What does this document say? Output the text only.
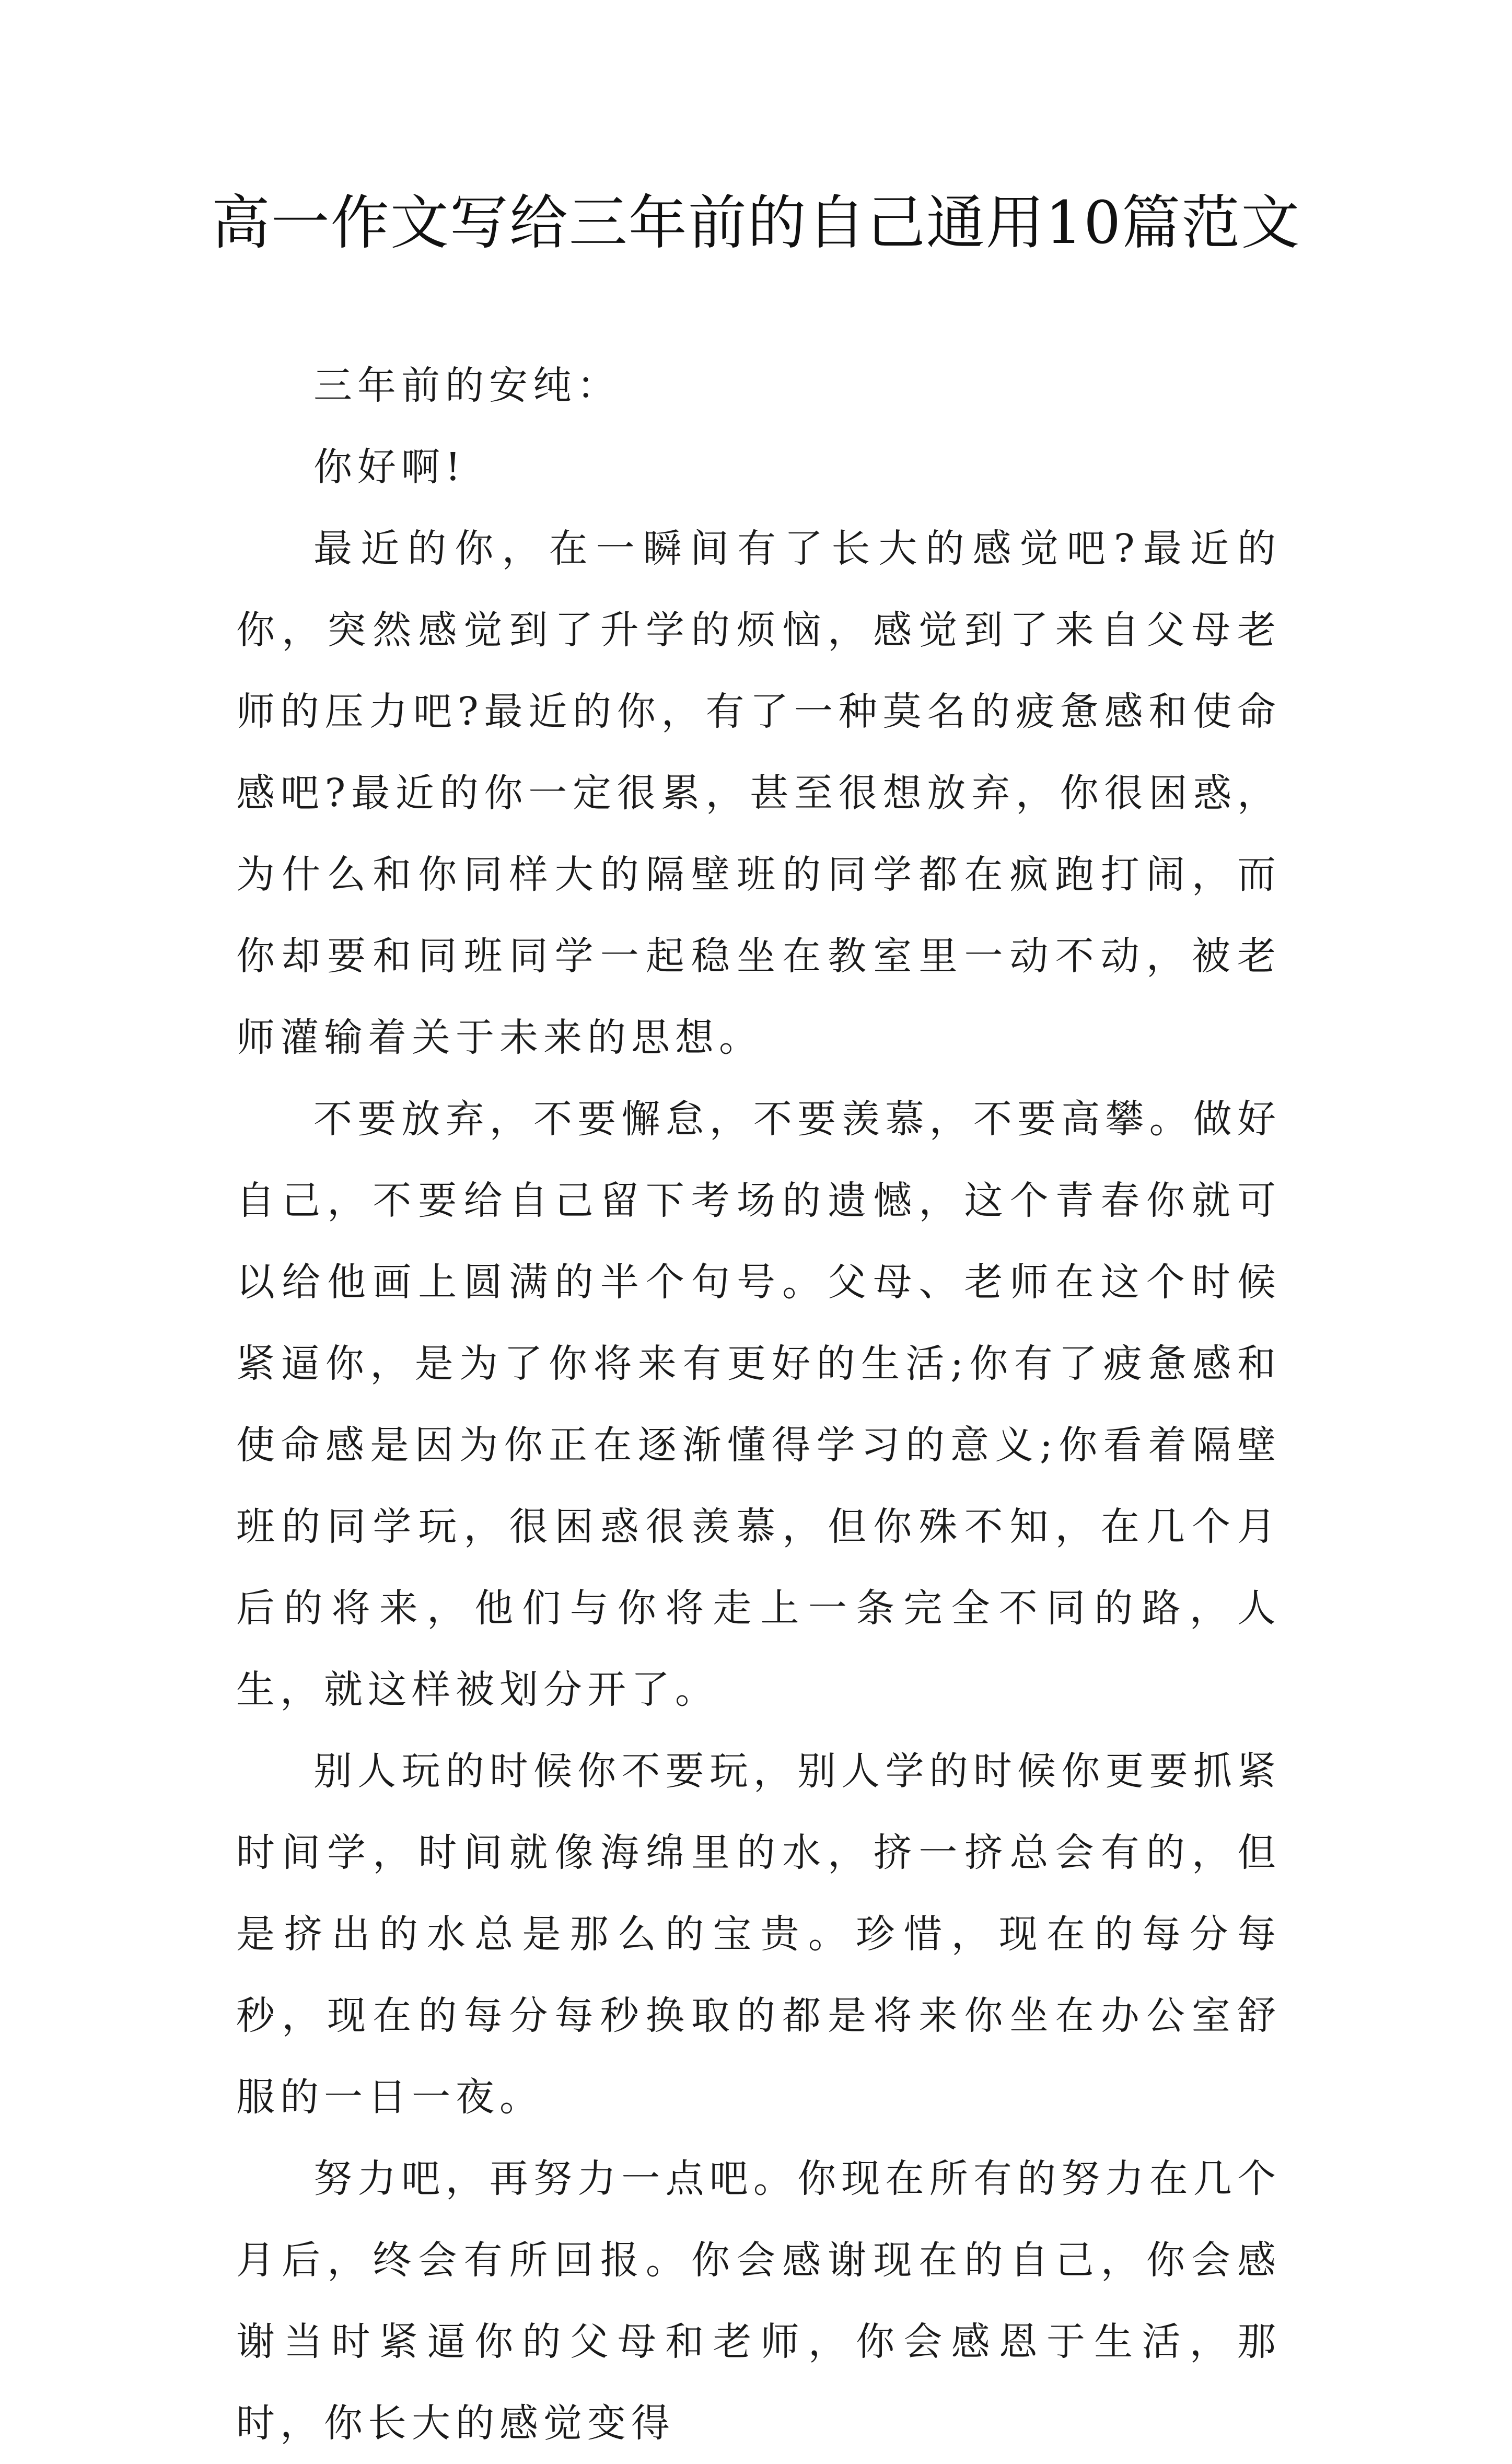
高一作文写给三年前的自己通用10篇范文

三年前的安纯：

你好啊!

最近的你，在一瞬间有了长大的感觉吧?最近的你，突然感觉到了升学的烦恼，感觉到了来自父母老师的压力吧?最近的你，有了一种莫名的疲惫感和使命感吧?最近的你一定很累，甚至很想放弃，你很困惑，为什么和你同样大的隔壁班的同学都在疯跑打闹，而你却要和同班同学一起稳坐在教室里一动不动，被老师灌输着关于未来的思想。

不要放弃，不要懈怠，不要羡慕，不要高攀。做好自己，不要给自己留下考场的遗憾，这个青春你就可以给他画上圆满的半个句号。父母、老师在这个时候紧逼你，是为了你将来有更好的生活;你有了疲惫感和使命感是因为你正在逐渐懂得学习的意义;你看着隔壁班的同学玩，很困惑很羡慕，但你殊不知，在几个月后的将来，他们与你将走上一条完全不同的路，人生，就这样被划分开了。

别人玩的时候你不要玩，别人学的时候你更要抓紧时间学，时间就像海绵里的水，挤一挤总会有的，但是挤出的水总是那么的宝贵。珍惜，现在的每分每秒，现在的每分每秒换取的都是将来你坐在办公室舒服的一日一夜。

努力吧，再努力一点吧。你现在所有的努力在几个月后，终会有所回报。你会感谢现在的自己，你会感谢当时紧逼你的父母和老师，你会感恩于生活，那时，你长大的感觉变得
